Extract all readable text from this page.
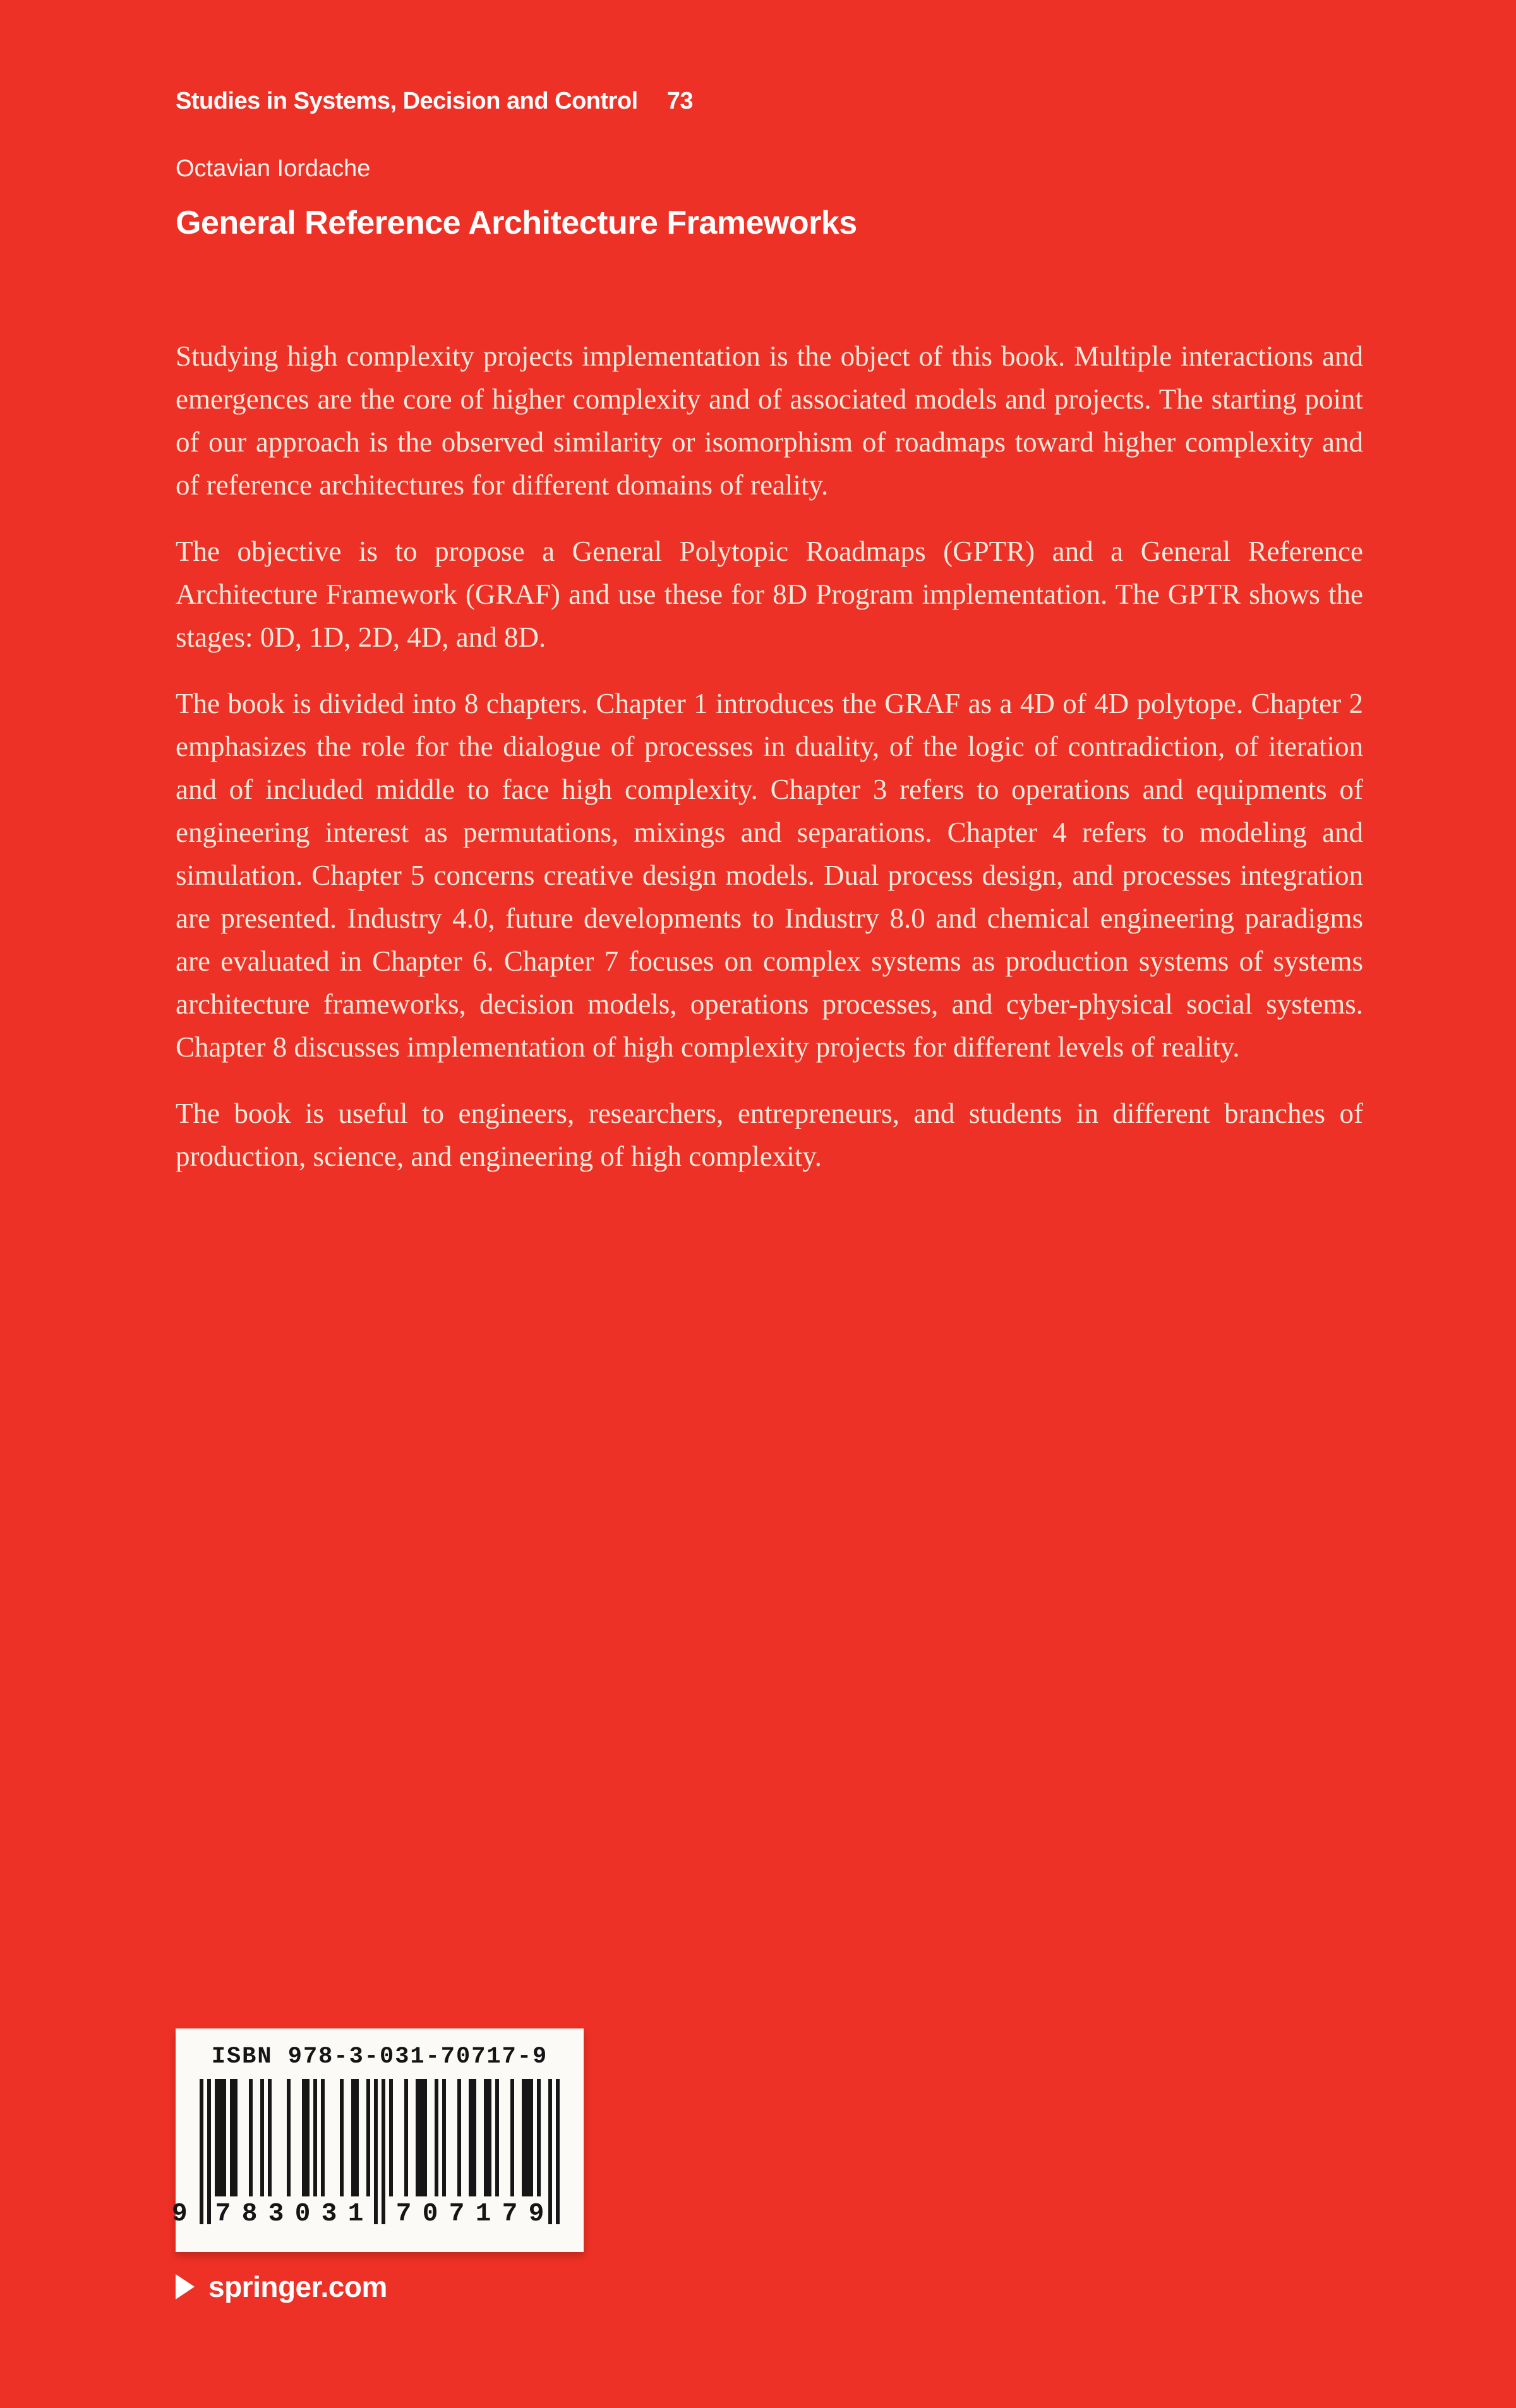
Studies in Systems, Decision and Control 73
Octavian Iordache
General Reference Architecture Frameworks

Studying high complexity projects implementation is the object of this book. Multiple interactions and emergences are the core of higher complexity and of associated models and projects. The starting point of our approach is the observed similarity or isomorphism of roadmaps toward higher complexity and of reference architectures for different domains of reality.

The objective is to propose a General Polytopic Roadmaps (GPTR) and a General Reference Architecture Framework (GRAF) and use these for 8D Program implementation. The GPTR shows the stages: 0D, 1D, 2D, 4D, and 8D.

The book is divided into 8 chapters. Chapter 1 introduces the GRAF as a 4D of 4D polytope. Chapter 2 emphasizes the role for the dialogue of processes in duality, of the logic of contradiction, of iteration and of included middle to face high complexity. Chapter 3 refers to operations and equipments of engineering interest as permutations, mixings and separations. Chapter 4 refers to modeling and simulation. Chapter 5 concerns creative design models. Dual process design, and processes integration are presented. Industry 4.0, future developments to Industry 8.0 and chemical engineering paradigms are evaluated in Chapter 6. Chapter 7 focuses on complex systems as production systems of systems architecture frameworks, decision models, operations processes, and cyber-physical social systems. Chapter 8 discusses implementation of high complexity projects for different levels of reality.

The book is useful to engineers, researchers, entrepreneurs, and students in different branches of production, science, and engineering of high complexity.

ISBN 978-3-031-70717-9
9 7 8 3 0 3 1 7 0 7 1 7 9
springer.com
